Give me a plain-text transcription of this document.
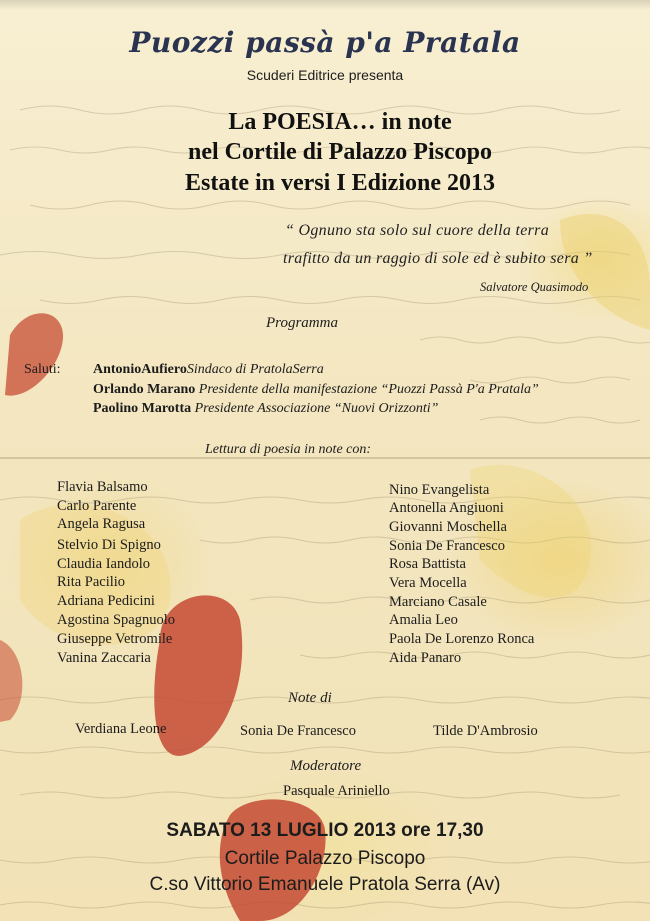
Puozzi passà p'a Pratala
Scuderi Editrice presenta
La POESIA… in note
nel Cortile di Palazzo Piscopo
Estate in versi I Edizione 2013
“ Ognuno sta solo sul cuore della terra
trafitto da un raggio di sole ed è subito sera ”
Salvatore Quasimodo
Programma
Saluti: AntonioAufieroSindaco di PratolaSerra
Orlando Marano Presidente della manifestazione “Puozzi Passà P'a Pratala”
Paolino Marotta Presidente Associazione “Nuovi Orizzonti”
Lettura di poesia in note con:
Flavia Balsamo
Carlo Parente
Angela Ragusa
Stelvio Di Spigno
Claudia Iandolo
Rita Pacilio
Adriana Pedicini
Agostina Spagnuolo
Giuseppe Vetromile
Vanina Zaccaria
Nino Evangelista
Antonella Angiuoni
Giovanni Moschella
Sonia De Francesco
Rosa Battista
Vera Mocella
Marciano Casale
Amalia Leo
Paola De Lorenzo Ronca
Aida Panaro
Note di
Verdiana Leone	Sonia De Francesco	Tilde D'Ambrosio
Moderatore
Pasquale Ariniello
SABATO 13 LUGLIO 2013 ore 17,30
Cortile Palazzo Piscopo
C.so Vittorio Emanuele Pratola Serra (Av)
